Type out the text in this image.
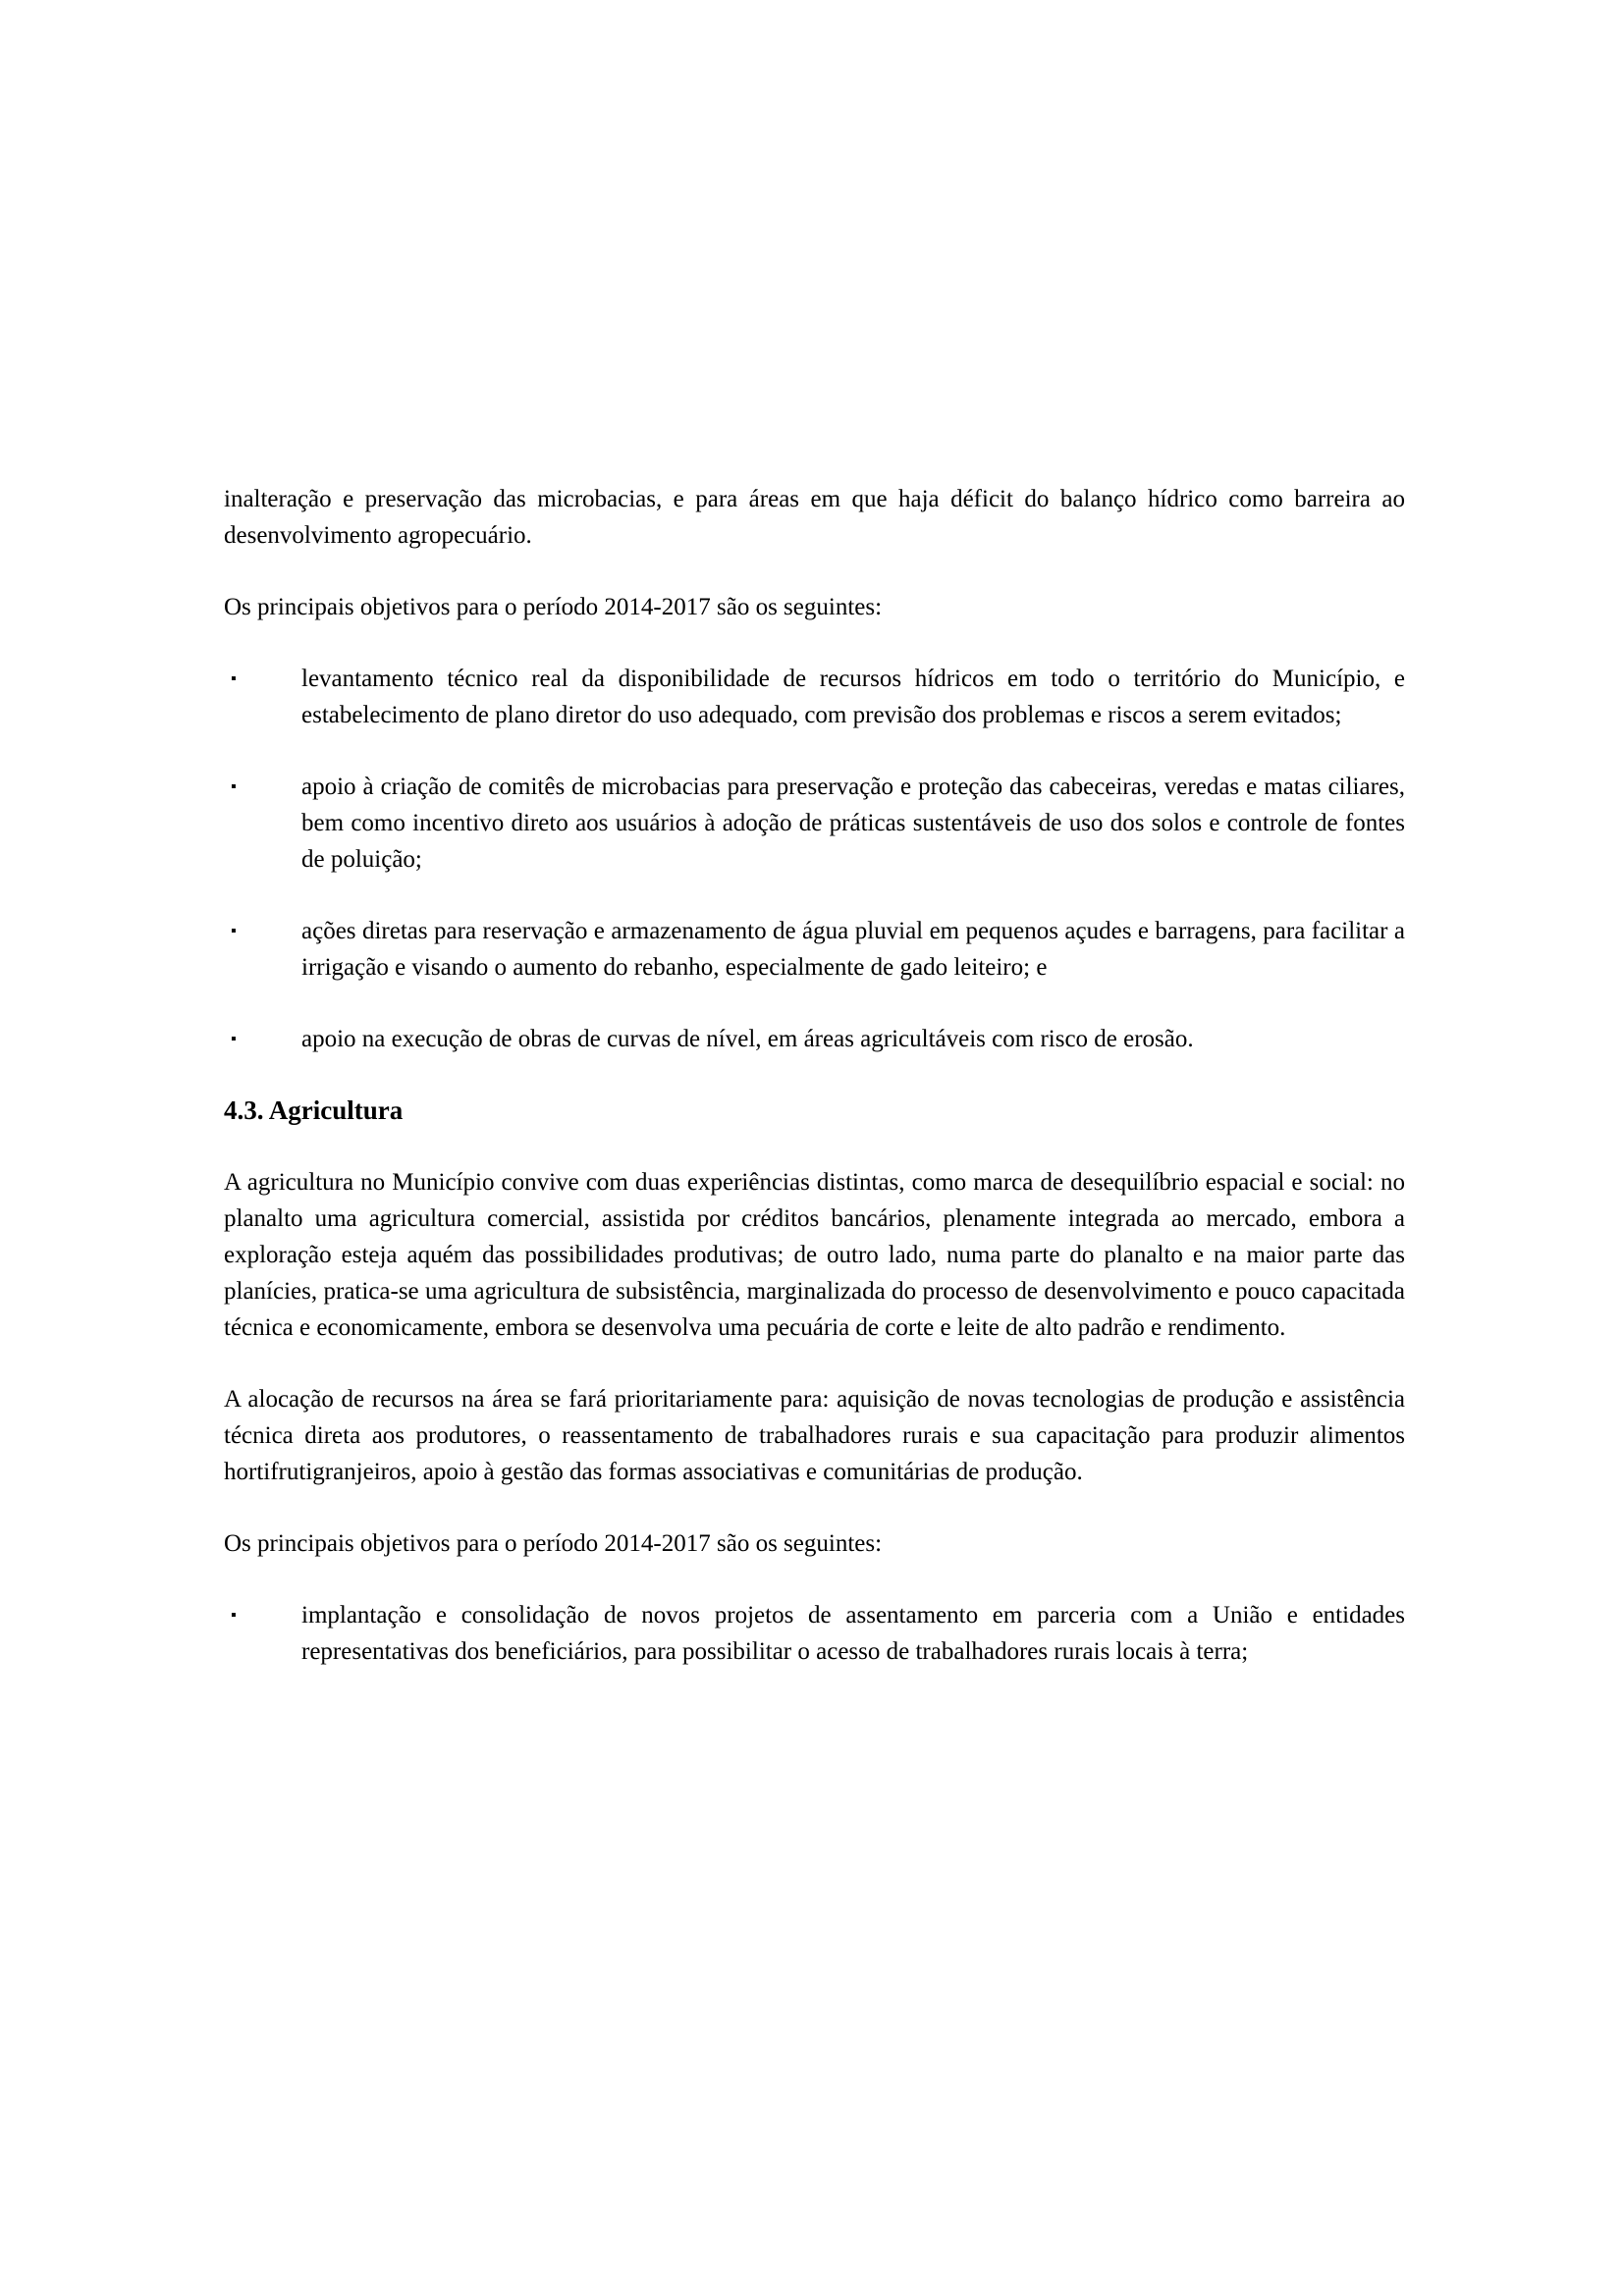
inalteração e preservação das microbacias, e para áreas em que haja déficit do balanço hídrico como barreira ao desenvolvimento agropecuário.

Os principais objetivos para o período 2014-2017 são os seguintes:

▪	levantamento técnico real da disponibilidade de recursos hídricos em todo o território do Município, e estabelecimento de plano diretor do uso adequado, com previsão dos problemas e riscos a serem evitados;
▪	apoio à criação de comitês de microbacias para preservação e proteção das cabeceiras, veredas e matas ciliares, bem como incentivo direto aos usuários à adoção de práticas sustentáveis de uso dos solos e controle de fontes de poluição;
▪	ações diretas para reservação e armazenamento de água pluvial em pequenos açudes e barragens, para facilitar a irrigação e visando o aumento do rebanho, especialmente de gado leiteiro; e
▪	apoio na execução de obras de curvas de nível, em áreas agricultáveis com risco de erosão.
4.3. Agricultura

A agricultura no Município convive com duas experiências distintas, como marca de desequilíbrio espacial e social: no planalto uma agricultura comercial, assistida por créditos bancários, plenamente integrada ao mercado, embora a exploração esteja aquém das possibilidades produtivas; de outro lado, numa parte do planalto e na maior parte das planícies, pratica-se uma agricultura de subsistência, marginalizada do processo de desenvolvimento e pouco capacitada técnica e economicamente, embora se desenvolva uma pecuária de corte e leite de alto padrão e rendimento.

A alocação de recursos na área se fará prioritariamente para: aquisição de novas tecnologias de produção e assistência técnica direta aos produtores, o reassentamento de trabalhadores rurais e sua capacitação para produzir alimentos hortifrutigranjeiros, apoio à gestão das formas associativas e comunitárias de produção.

Os principais objetivos para o período 2014-2017 são os seguintes:

▪	implantação e consolidação de novos projetos de assentamento em parceria com a União e entidades representativas dos beneficiários, para possibilitar o acesso de trabalhadores rurais locais à terra;
